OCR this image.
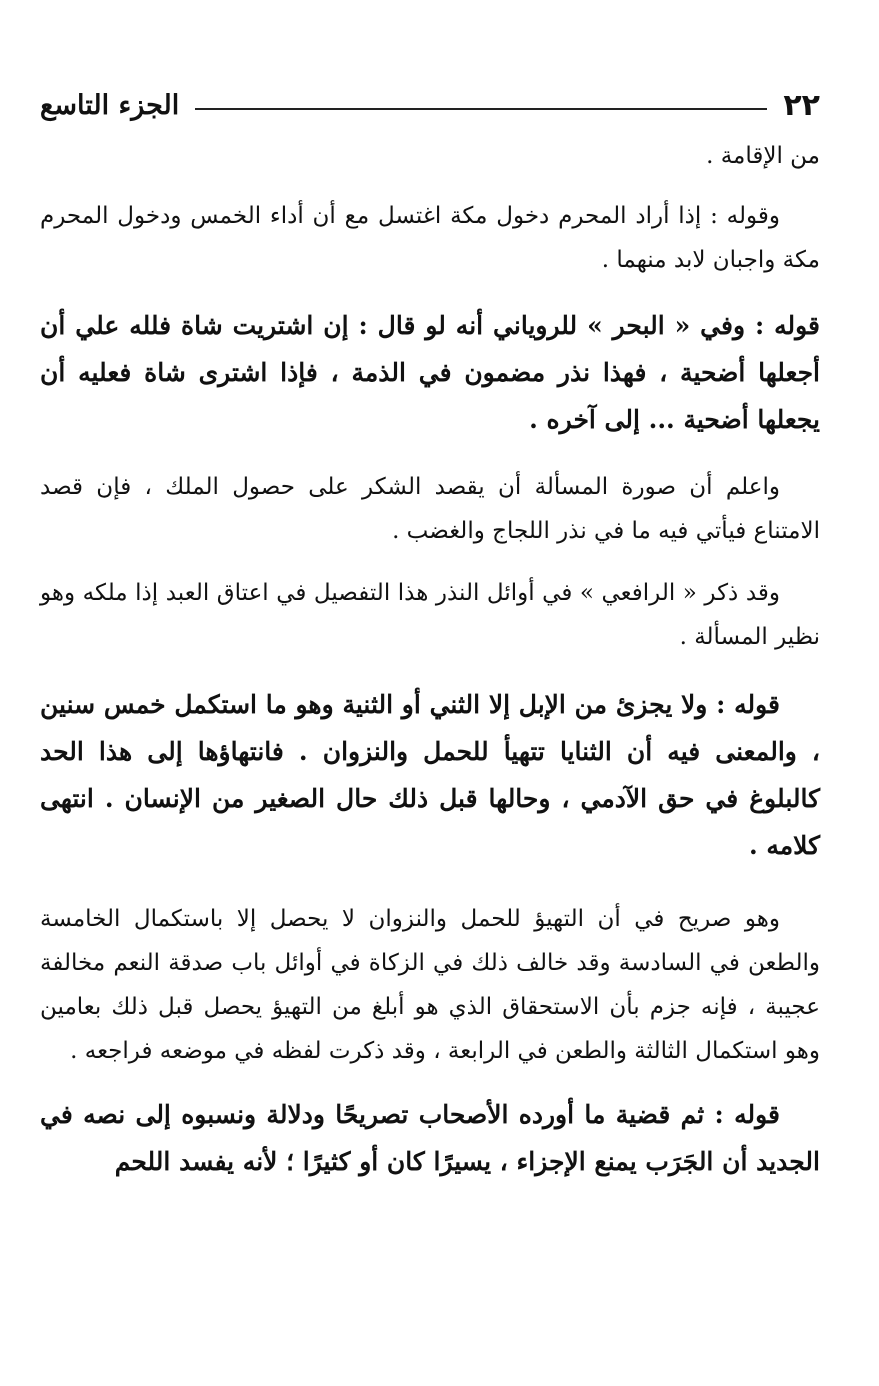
٢٢
الجزء التاسع

من الإقامة .

وقوله : إذا أراد المحرم دخول مكة اغتسل مع أن أداء الخمس ودخول المحرم مكة واجبان لابد منهما .

قوله : وفي « البحر » للروياني أنه لو قال : إن اشتريت شاة فلله علي أن أجعلها أضحية ، فهذا نذر مضمون في الذمة ، فإذا اشترى شاة فعليه أن يجعلها أضحية ... إلى آخره .

واعلم أن صورة المسألة أن يقصد الشكر على حصول الملك ، فإن قصد الامتناع فيأتي فيه ما في نذر اللجاج والغضب .

وقد ذكر « الرافعي » في أوائل النذر هذا التفصيل في اعتاق العبد إذا ملكه وهو نظير المسألة .

قوله : ولا يجزئ من الإبل إلا الثني أو الثنية وهو ما استكمل خمس سنين ، والمعنى فيه أن الثنايا تتهيأ للحمل والنزوان . فانتهاؤها إلى هذا الحد كالبلوغ في حق الآدمي ، وحالها قبل ذلك حال الصغير من الإنسان . انتهى كلامه .

وهو صريح في أن التهيؤ للحمل والنزوان لا يحصل إلا باستكمال الخامسة والطعن في السادسة وقد خالف ذلك في الزكاة في أوائل باب صدقة النعم مخالفة عجيبة ، فإنه جزم بأن الاستحقاق الذي هو أبلغ من التهيؤ يحصل قبل ذلك بعامين وهو استكمال الثالثة والطعن في الرابعة ، وقد ذكرت لفظه في موضعه فراجعه .

قوله : ثم قضية ما أورده الأصحاب تصريحًا ودلالة ونسبوه إلى نصه في الجديد أن الجَرَب يمنع الإجزاء ، يسيرًا كان أو كثيرًا ؛ لأنه يفسد اللحم
